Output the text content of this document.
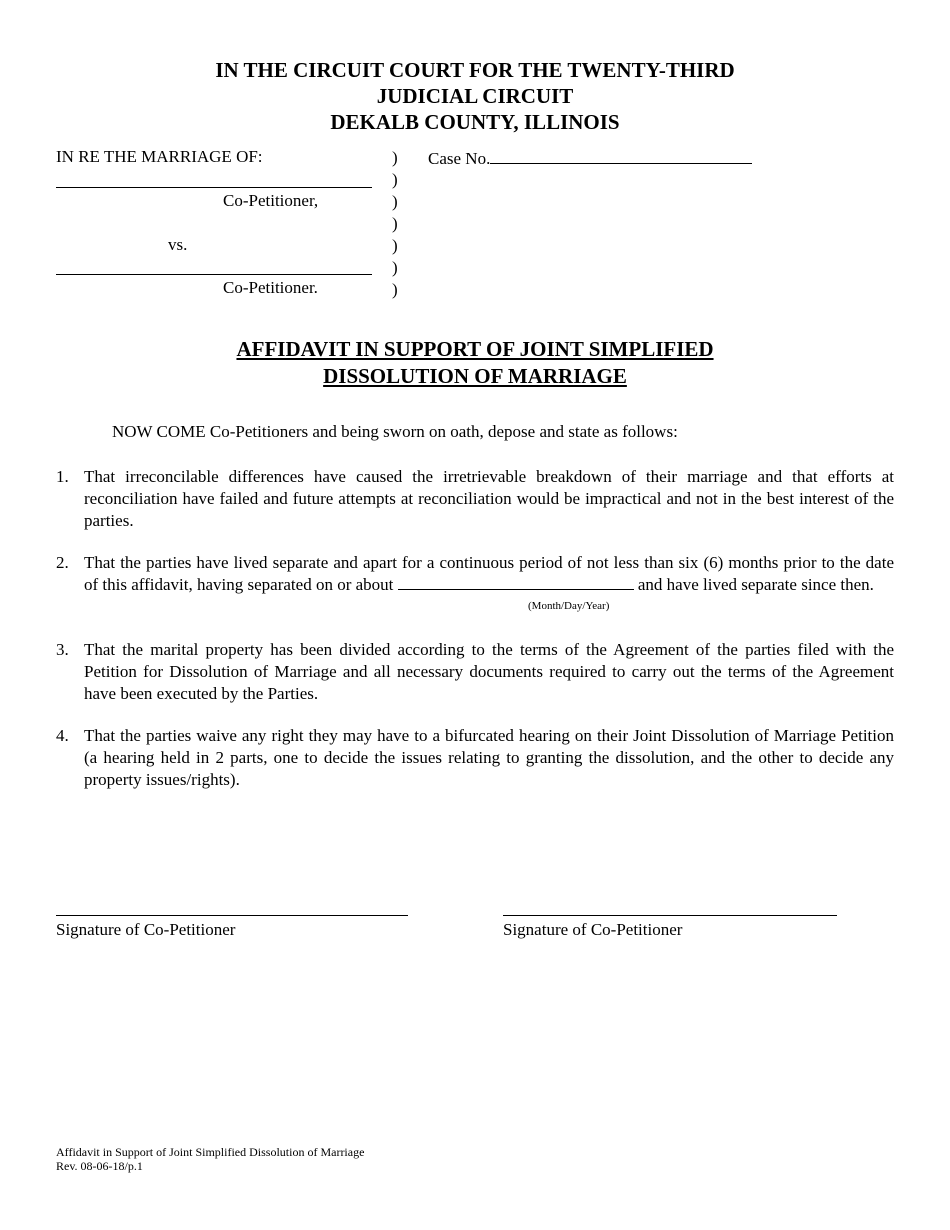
IN THE CIRCUIT COURT FOR THE TWENTY-THIRD
JUDICIAL CIRCUIT
DEKALB COUNTY, ILLINOIS
IN RE THE MARRIAGE OF:
Co-Petitioner,
vs.
Co-Petitioner.
)
)
)
)
)
)
)
Case No.
AFFIDAVIT IN SUPPORT OF JOINT SIMPLIFIED
DISSOLUTION OF MARRIAGE
NOW COME Co-Petitioners and being sworn on oath, depose and state as follows:
1. That irreconcilable differences have caused the irretrievable breakdown of their marriage and that efforts at reconciliation have failed and future attempts at reconciliation would be impractical and not in the best interest of the parties.
2. That the parties have lived separate and apart for a continuous period of not less than six (6) months prior to the date of this affidavit, having separated on or about	and have lived separate since then.
(Month/Day/Year)
3. That the marital property has been divided according to the terms of the Agreement of the parties filed with the Petition for Dissolution of Marriage and all necessary documents required to carry out the terms of the Agreement have been executed by the Parties.
4. That the parties waive any right they may have to a bifurcated hearing on their Joint Dissolution of Marriage Petition (a hearing held in 2 parts, one to decide the issues relating to granting the dissolution, and the other to decide any property issues/rights).
Signature of Co-Petitioner	Signature of Co-Petitioner
Affidavit in Support of Joint Simplified Dissolution of Marriage
Rev. 08-06-18/p.1
